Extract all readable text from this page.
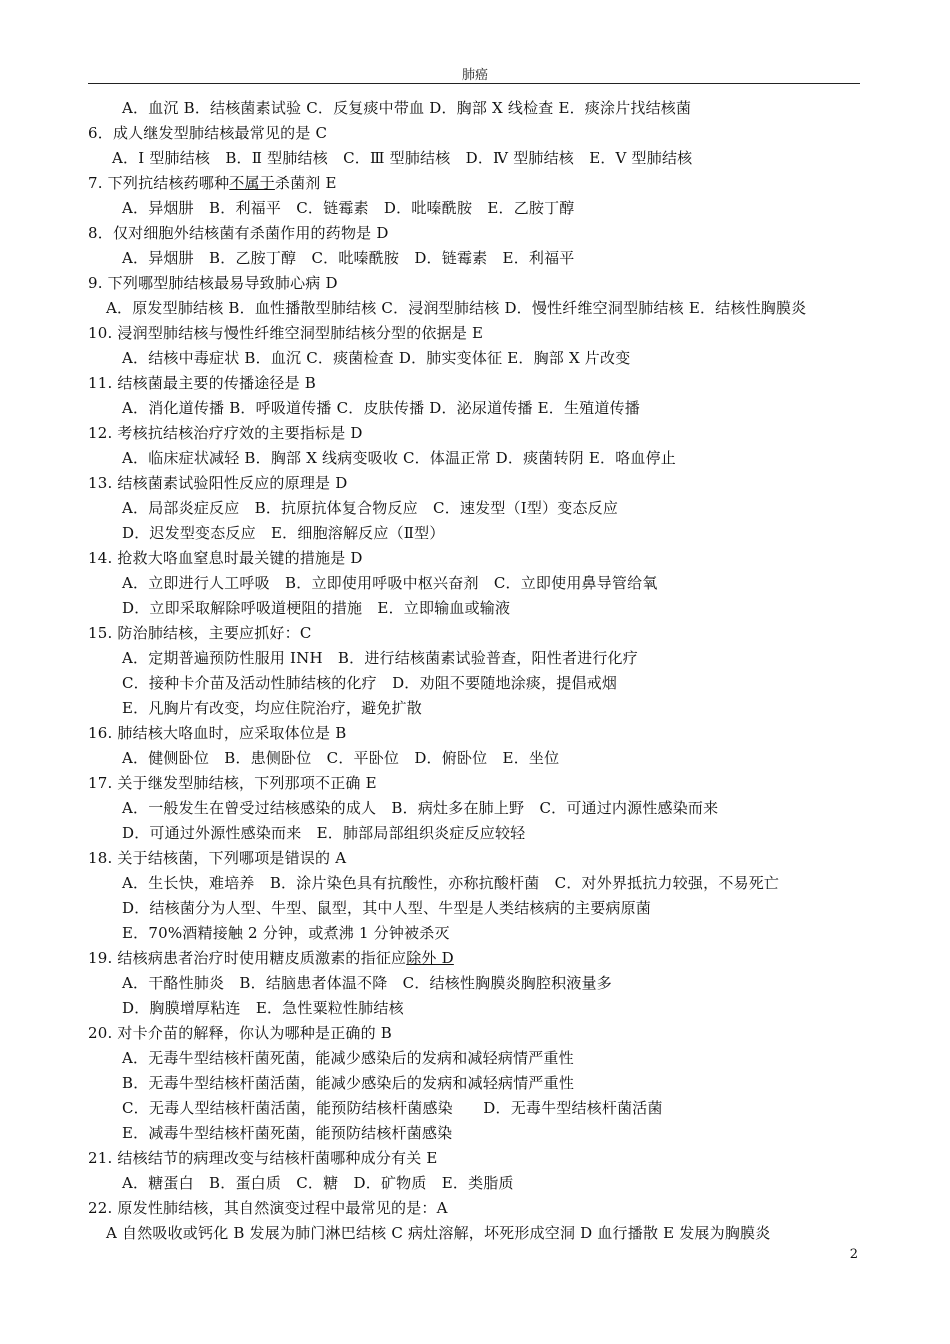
肺癌
A．血沉 B．结核菌素试验 C．反复痰中带血 D．胸部 X 线检查 E．痰涂片找结核菌
6．成人继发型肺结核最常见的是 C
A．Ⅰ 型肺结核　B．Ⅱ 型肺结核　C．Ⅲ 型肺结核　D．Ⅳ 型肺结核　E．Ⅴ 型肺结核
7. 下列抗结核药哪种不属于杀菌剂 E
A．异烟肼　B．利福平　C．链霉素　D．吡嗪酰胺　E．乙胺丁醇
8．仅对细胞外结核菌有杀菌作用的药物是 D
A．异烟肼　B．乙胺丁醇　C．吡嗪酰胺　D．链霉素　E．利福平
9. 下列哪型肺结核最易导致肺心病 D
A．原发型肺结核 B．血性播散型肺结核 C．浸润型肺结核 D．慢性纤维空洞型肺结核 E．结核性胸膜炎
10. 浸润型肺结核与慢性纤维空洞型肺结核分型的依据是 E
A．结核中毒症状 B．血沉 C．痰菌检查 D．肺实变体征 E．胸部 X 片改变
11. 结核菌最主要的传播途径是 B
A．消化道传播 B．呼吸道传播 C．皮肤传播 D．泌尿道传播 E．生殖道传播
12. 考核抗结核治疗疗效的主要指标是 D
A．临床症状减轻 B．胸部 X 线病变吸收 C．体温正常 D．痰菌转阴 E．咯血停止
13. 结核菌素试验阳性反应的原理是 D
A．局部炎症反应　B．抗原抗体复合物反应　C．速发型（Ⅰ型）变态反应
D．迟发型变态反应　E．细胞溶解反应（Ⅱ型）
14. 抢救大咯血窒息时最关键的措施是 D
A．立即进行人工呼吸　B．立即使用呼吸中枢兴奋剂　C．立即使用鼻导管给氧
D．立即采取解除呼吸道梗阻的措施　E．立即输血或输液
15. 防治肺结核，主要应抓好：C
A．定期普遍预防性服用 INH　B．进行结核菌素试验普查，阳性者进行化疗
C．接种卡介苗及活动性肺结核的化疗　D．劝阻不要随地涂痰，提倡戒烟
E．凡胸片有改变，均应住院治疗，避免扩散
16. 肺结核大咯血时，应采取体位是 B
A．健侧卧位　B．患侧卧位　C．平卧位　D．俯卧位　E．坐位
17. 关于继发型肺结核，下列那项不正确 E
A．一般发生在曾受过结核感染的成人　B．病灶多在肺上野　C．可通过内源性感染而来
D．可通过外源性感染而来　E．肺部局部组织炎症反应较轻
18. 关于结核菌，下列哪项是错误的 A
A．生长快，难培养　B．涂片染色具有抗酸性，亦称抗酸杆菌　C．对外界抵抗力较强，不易死亡
D．结核菌分为人型、牛型、鼠型，其中人型、牛型是人类结核病的主要病原菌
E．70%酒精接触 2 分钟，或煮沸 1 分钟被杀灭
19. 结核病患者治疗时使用糖皮质激素的指征应除外 D
A．干酪性肺炎　B．结脑患者体温不降　C．结核性胸膜炎胸腔积液量多
D．胸膜增厚粘连　E．急性粟粒性肺结核
20. 对卡介苗的解释，你认为哪种是正确的 B
A．无毒牛型结核杆菌死菌，能减少感染后的发病和减轻病情严重性
B．无毒牛型结核杆菌活菌，能减少感染后的发病和减轻病情严重性
C．无毒人型结核杆菌活菌，能预防结核杆菌感染　　D．无毒牛型结核杆菌活菌
E．减毒牛型结核杆菌死菌，能预防结核杆菌感染
21. 结核结节的病理改变与结核杆菌哪种成分有关 E
A．糖蛋白　B．蛋白质　C．糖　D．矿物质　E．类脂质
22. 原发性肺结核，其自然演变过程中最常见的是：A
A 自然吸收或钙化 B 发展为肺门淋巴结核 C 病灶溶解，坏死形成空洞 D 血行播散 E 发展为胸膜炎
2
